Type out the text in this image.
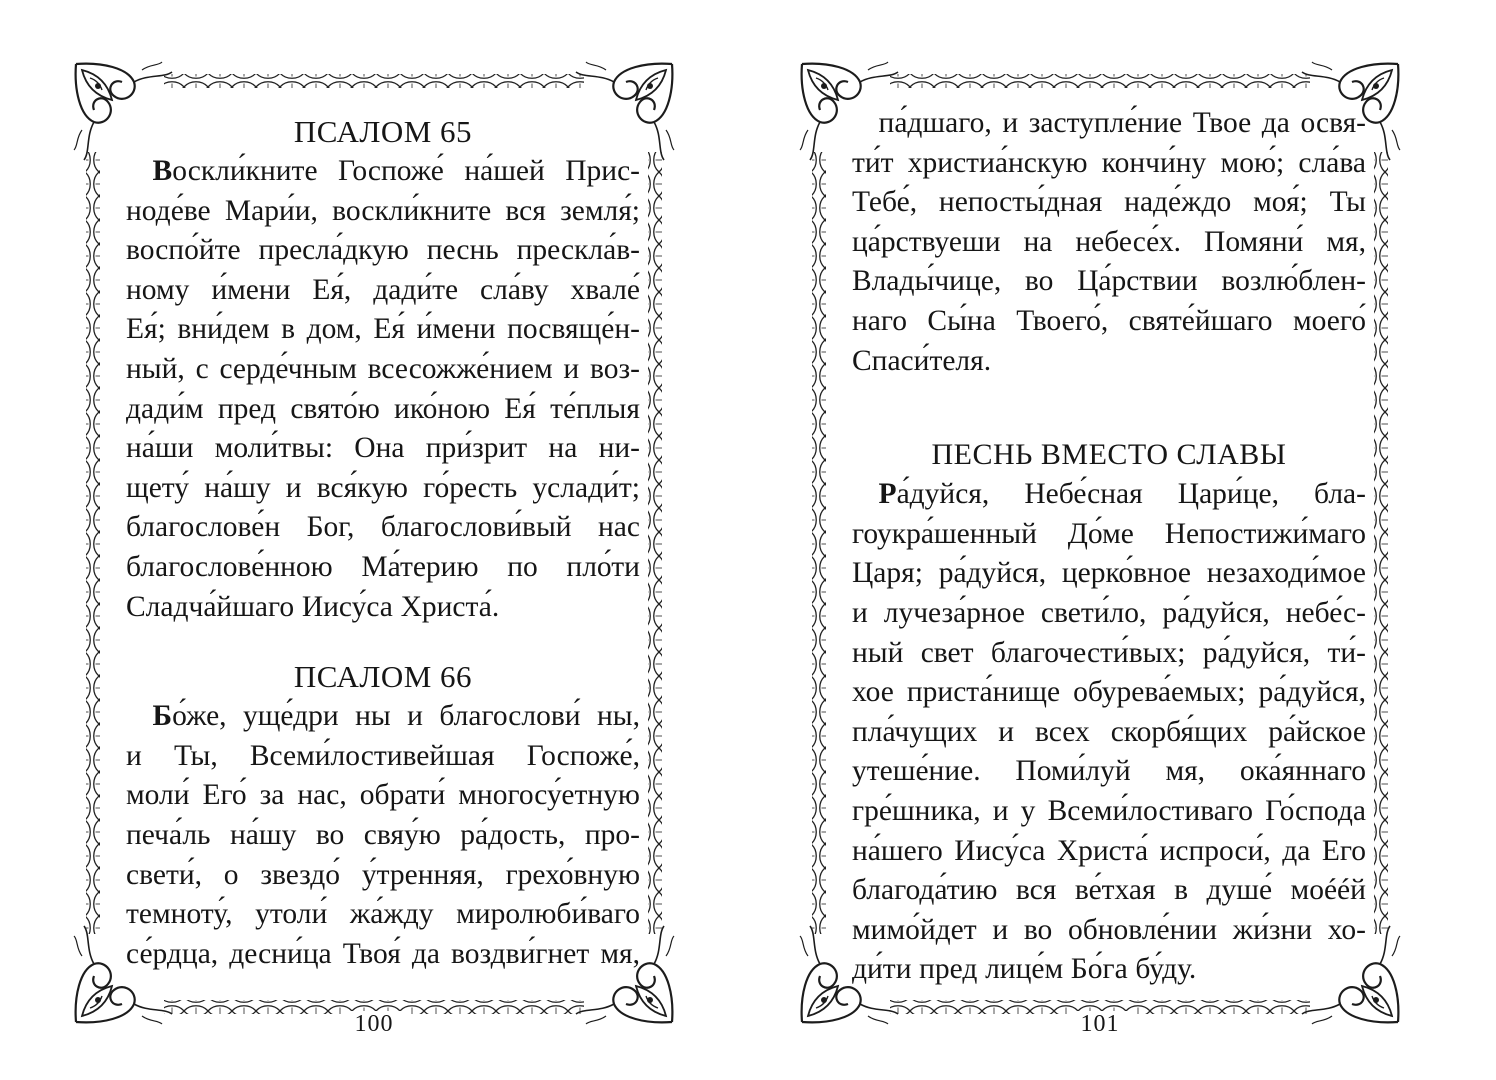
ПСАЛОМ 65
Воскли́кните Госпоже́ на́шей Прис-
ноде́ве Мари́и, воскли́кните вся земля́;
воспо́йте преcла́дкую песнь прескла́в-
ному и́мени Ея́, дади́те сла́ву хвале́
Ея́; вни́дем в дом, Ея́ и́мени посвяще́н-
ный, с серде́чным всесожже́нием и воз-
дади́м пред свято́ю ико́ною Ея́ те́плыя
на́ши моли́твы: Она при́зрит на ни-
щету́ на́шу и вся́кую го́ресть услади́т;
благослове́н Бог, благослови́вый нас
благослове́нною Ма́терию по пло́ти
Сладча́йшаго Иису́са Христа́.
ПСАЛОМ 66
Бо́же, уще́дри ны и благослови́ ны,
и Ты, Всеми́лостивейшая Госпоже́,
моли́ Его́ за нас, обрати́ многосу́етную
печа́ль на́шу во свяу́ю ра́дость, про-
свети́, о звездо́ у́тренняя, грехо́вную
темноту́, утоли́ жа́жду миролюби́ваго
се́рдца, десни́ца Твоя́ да воздви́гнет мя,
100
па́дшаго, и заступле́ние Твое да освя-
ти́т христиа́нскую кончи́ну мою́; сла́ва
Тебе́, непосты́дная наде́ждо моя́; Ты
ца́рствуеши на небесе́х. Помяни́ мя,
Влады́чице, во Ца́рствии возлю́блен-
наго Сы́на Твоего́, святе́йшаго моего́
Спаси́теля.
ПЕСНЬ ВМЕСТО СЛАВЫ
Ра́дуйся, Небе́сная Цари́це, бла-
гоукра́шенный До́ме Непостижи́маго
Царя; ра́дуйся, церко́вное незаходи́мое
и лучеза́рное свети́ло, ра́дуйся, небе́с-
ный свет благочести́вых; ра́дуйся, ти́-
хое приста́нище обурева́емых; ра́дуйся,
пла́чущих и всех скорбя́щих ра́йское
утеше́ние. Поми́луй мя, ока́яннаго
гре́шника, и у Всеми́лостиваго Го́спода
на́шего Иису́са Христа́ испроси́, да Его
благода́тию вся ве́тхая в душе́ моééй
мимо́йдет и во обновле́нии жи́зни хо-
ди́ти пред лице́м Бо́га бу́ду.
101
